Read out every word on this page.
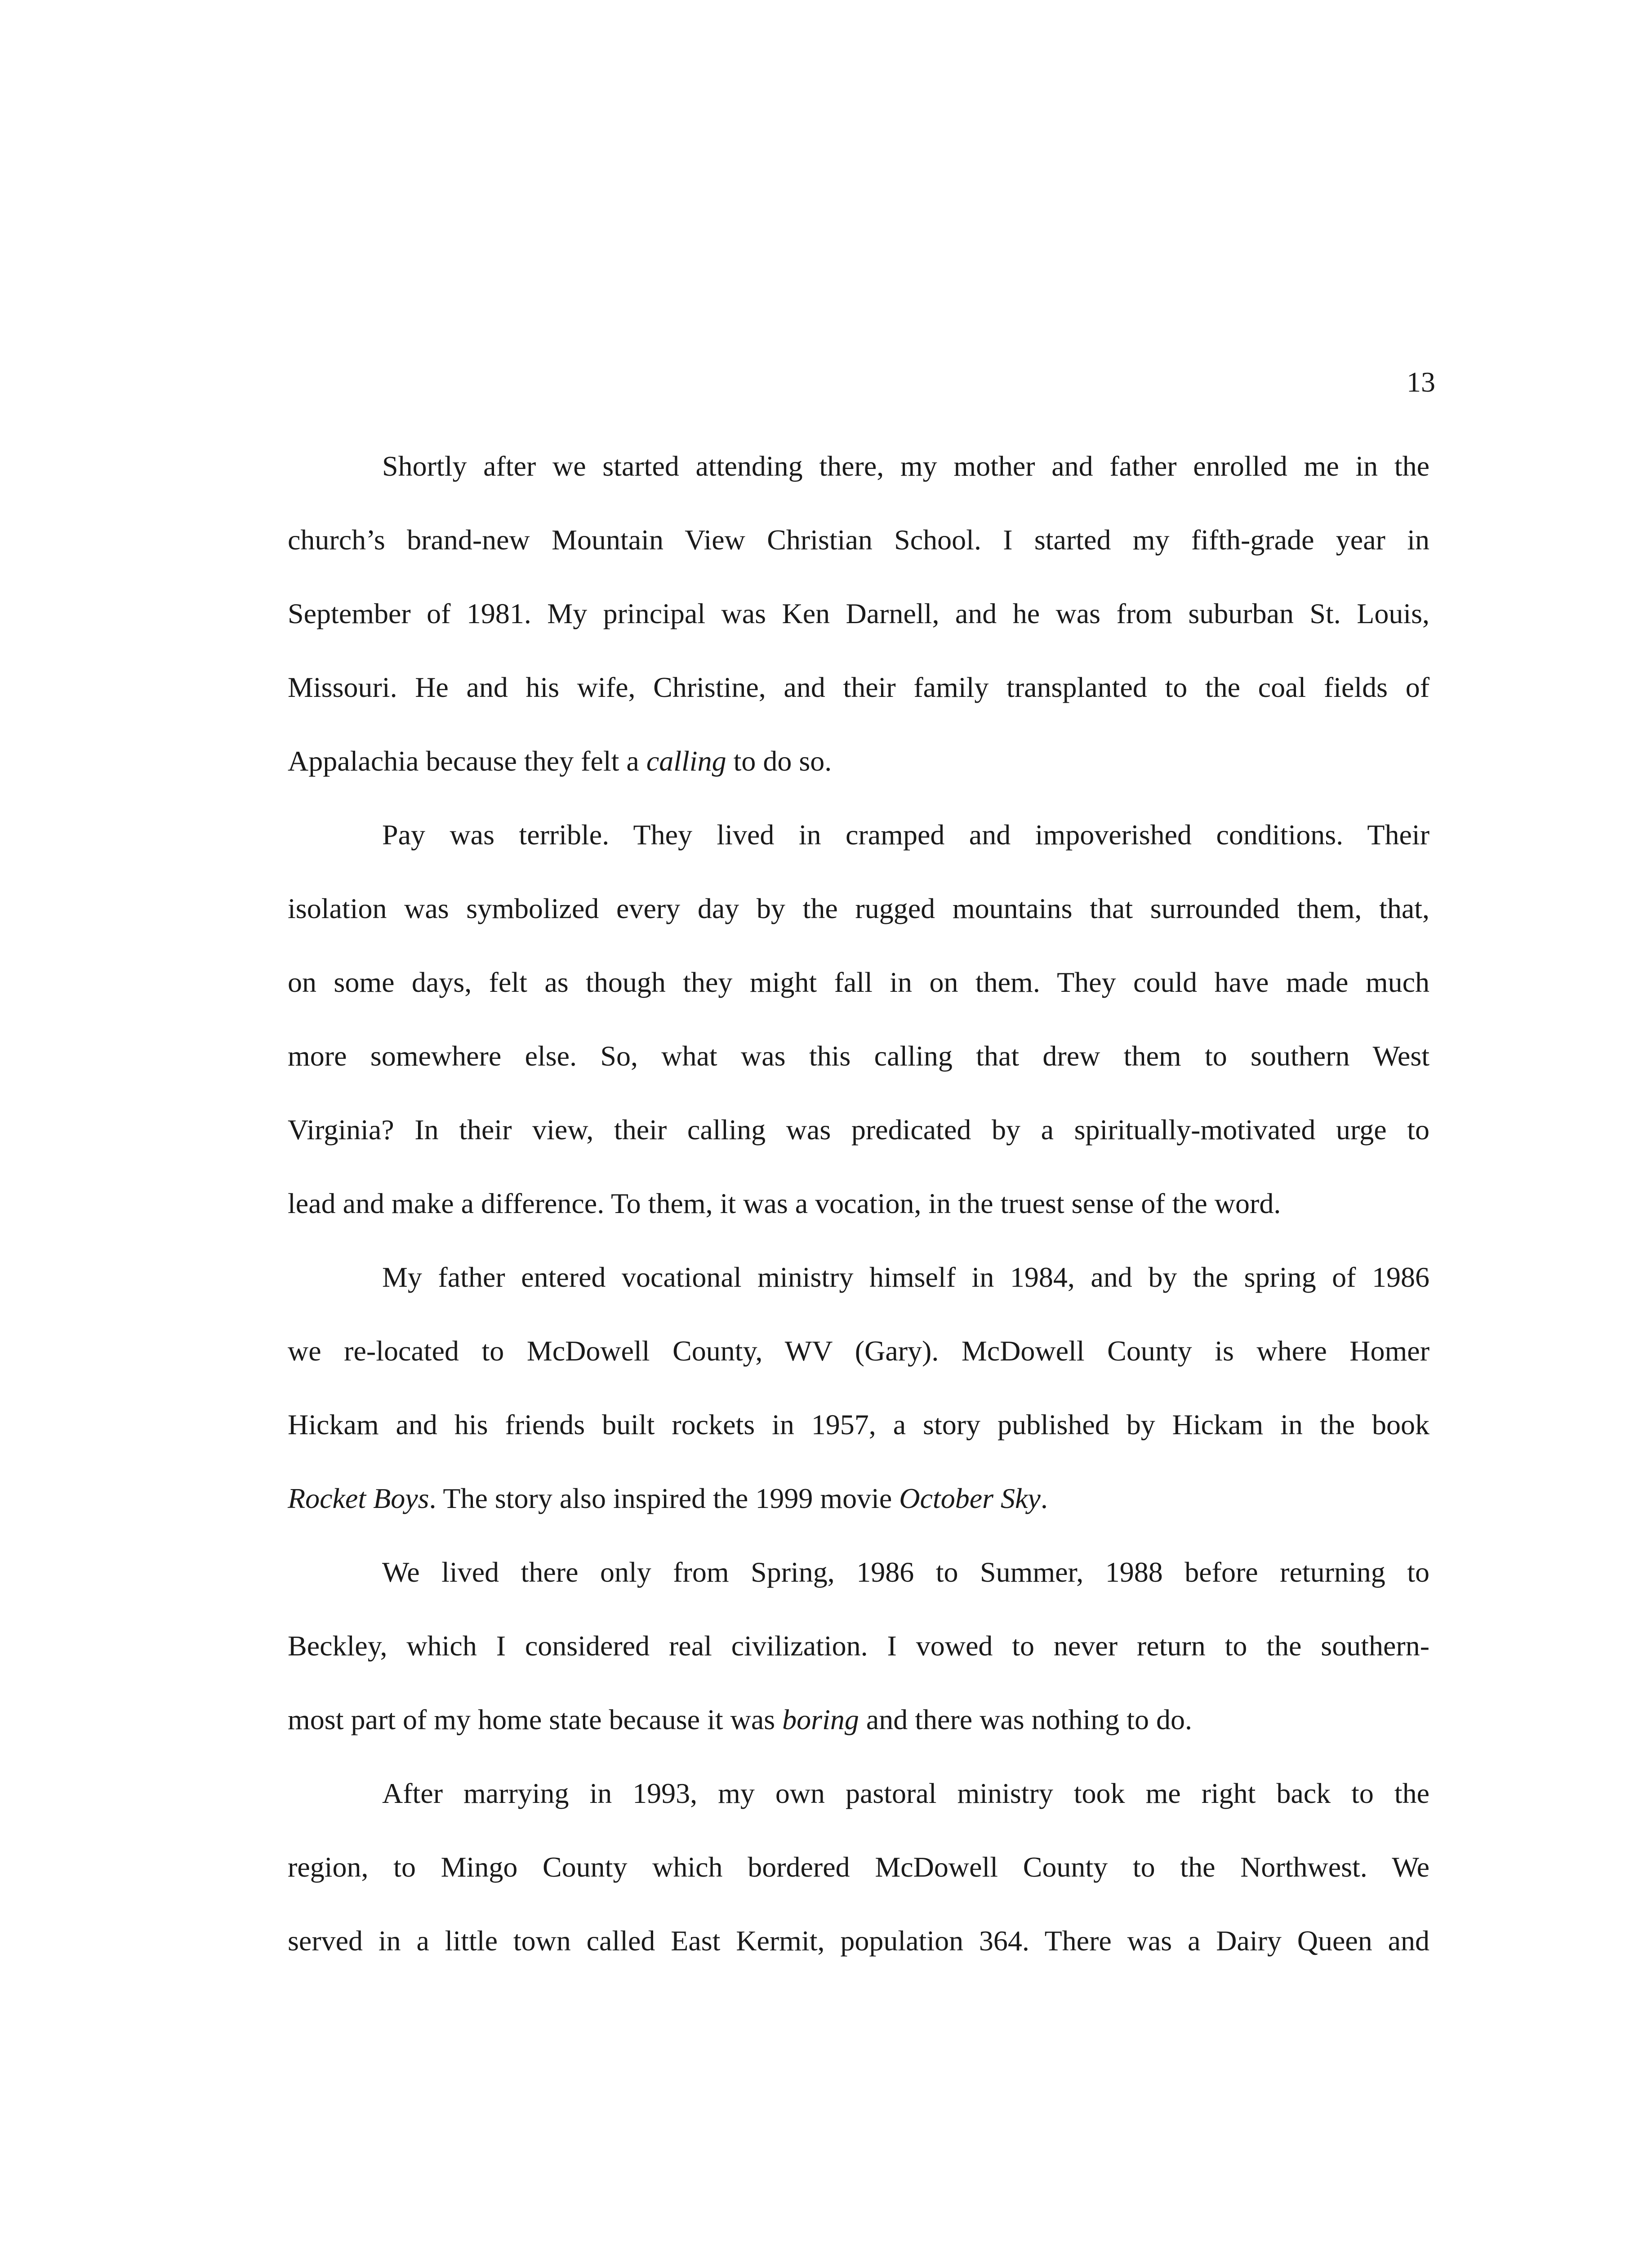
13
Shortly after we started attending there, my mother and father enrolled me in the
church’s brand-new Mountain View Christian School. I started my fifth-grade year in
September of 1981. My principal was Ken Darnell, and he was from suburban St. Louis,
Missouri. He and his wife, Christine, and their family transplanted to the coal fields of
Appalachia because they felt a calling to do so.
Pay was terrible. They lived in cramped and impoverished conditions. Their
isolation was symbolized every day by the rugged mountains that surrounded them, that,
on some days, felt as though they might fall in on them. They could have made much
more somewhere else. So, what was this calling that drew them to southern West
Virginia? In their view, their calling was predicated by a spiritually-motivated urge to
lead and make a difference. To them, it was a vocation, in the truest sense of the word.
My father entered vocational ministry himself in 1984, and by the spring of 1986
we re-located to McDowell County, WV (Gary). McDowell County is where Homer
Hickam and his friends built rockets in 1957, a story published by Hickam in the book
Rocket Boys. The story also inspired the 1999 movie October Sky.
We lived there only from Spring, 1986 to Summer, 1988 before returning to
Beckley, which I considered real civilization. I vowed to never return to the southern-
most part of my home state because it was boring and there was nothing to do.
After marrying in 1993, my own pastoral ministry took me right back to the
region, to Mingo County which bordered McDowell County to the Northwest. We
served in a little town called East Kermit, population 364. There was a Dairy Queen and
